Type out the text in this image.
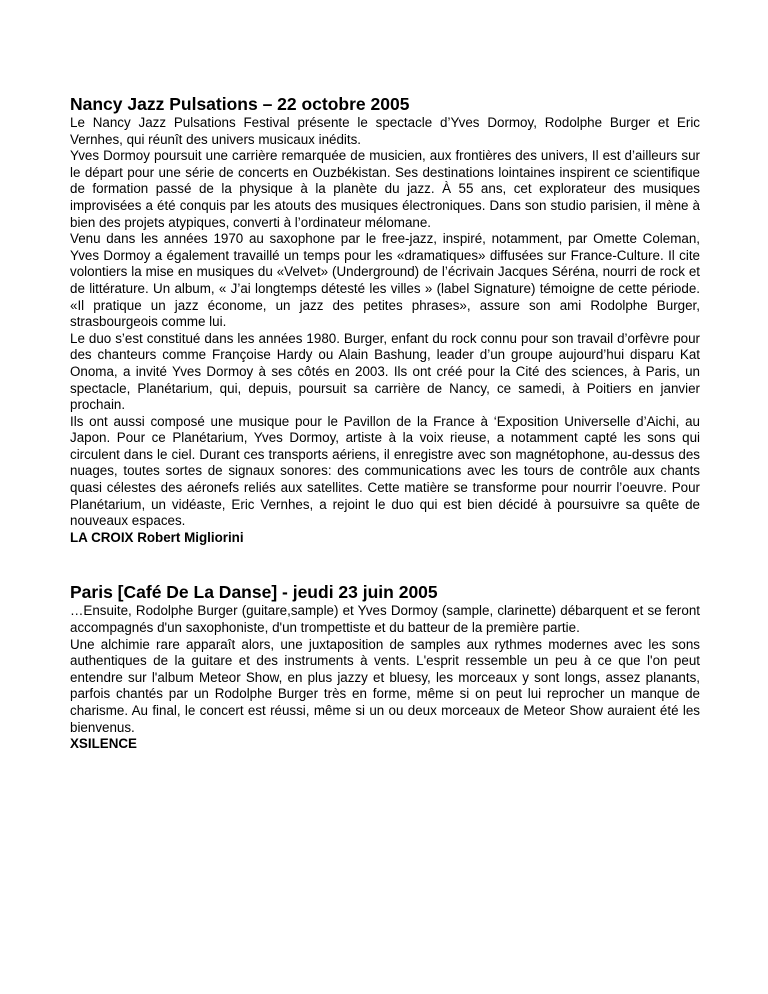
Nancy Jazz Pulsations – 22 octobre 2005

Le Nancy Jazz Pulsations Festival présente le spectacle d’Yves Dormoy, Rodolphe Burger et Eric Vernhes, qui réunît des univers musicaux inédits.

Yves Dormoy poursuit une carrière remarquée de musicien, aux frontières des univers, Il est d’ailleurs sur le départ pour une série de concerts en Ouzbékistan. Ses destinations lointaines inspirent ce scientifique de formation passé de la physique à la planète du jazz. À 55 ans, cet explorateur des musiques improvisées a été conquis par les atouts des musiques électroniques. Dans son studio parisien, il mène à bien des projets atypiques, converti à l’ordinateur mélomane.

Venu dans les années 1970 au saxophone par le free-jazz, inspiré, notamment, par Omette Coleman, Yves Dormoy a également travaillé un temps pour les «dramatiques» diffusées sur France-Culture. Il cite volontiers la mise en musiques du «Velvet» (Underground) de l’écrivain Jacques Séréna, nourri de rock et de littérature. Un album, « J’ai longtemps détesté les villes » (label Signature) témoigne de cette période. «Il pratique un jazz économe, un jazz des petites phrases», assure son ami Rodolphe Burger, strasbourgeois comme lui.

Le duo s’est constitué dans les années 1980. Burger, enfant du rock connu pour son travail d’orfèvre pour des chanteurs comme Françoise Hardy ou Alain Bashung, leader d’un groupe aujourd’hui disparu Kat Onoma, a invité Yves Dormoy à ses côtés en 2003. Ils ont créé pour la Cité des sciences, à Paris, un spectacle, Planétarium, qui, depuis, poursuit sa carrière de Nancy, ce samedi, à Poitiers en janvier prochain.

Ils ont aussi composé une musique pour le Pavillon de la France à ‘Exposition Universelle d’Aichi, au Japon. Pour ce Planétarium, Yves Dormoy, artiste à la voix rieuse, a notamment capté les sons qui circulent dans le ciel. Durant ces transports aériens, il enregistre avec son magnétophone, au-dessus des nuages, toutes sortes de signaux sonores: des communications avec les tours de contrôle aux chants quasi célestes des aéronefs reliés aux satellites. Cette matière se transforme pour nourrir l’oeuvre. Pour Planétarium, un vidéaste, Eric Vernhes, a rejoint le duo qui est bien décidé à poursuivre sa quête de nouveaux espaces.

LA CROIX Robert Migliorini

Paris [Café De La Danse] - jeudi 23 juin 2005

…Ensuite, Rodolphe Burger (guitare,sample) et Yves Dormoy (sample, clarinette) débarquent et se feront accompagnés d'un saxophoniste, d'un trompettiste et du batteur de la première partie.

Une alchimie rare apparaît alors, une juxtaposition de samples aux rythmes modernes avec les sons authentiques de la guitare et des instruments à vents. L'esprit ressemble un peu à ce que l'on peut entendre sur l'album Meteor Show, en plus jazzy et bluesy, les morceaux y sont longs, assez planants, parfois chantés par un Rodolphe Burger très en forme, même si on peut lui reprocher un manque de charisme. Au final, le concert est réussi, même si un ou deux morceaux de Meteor Show auraient été les bienvenus.

XSILENCE
